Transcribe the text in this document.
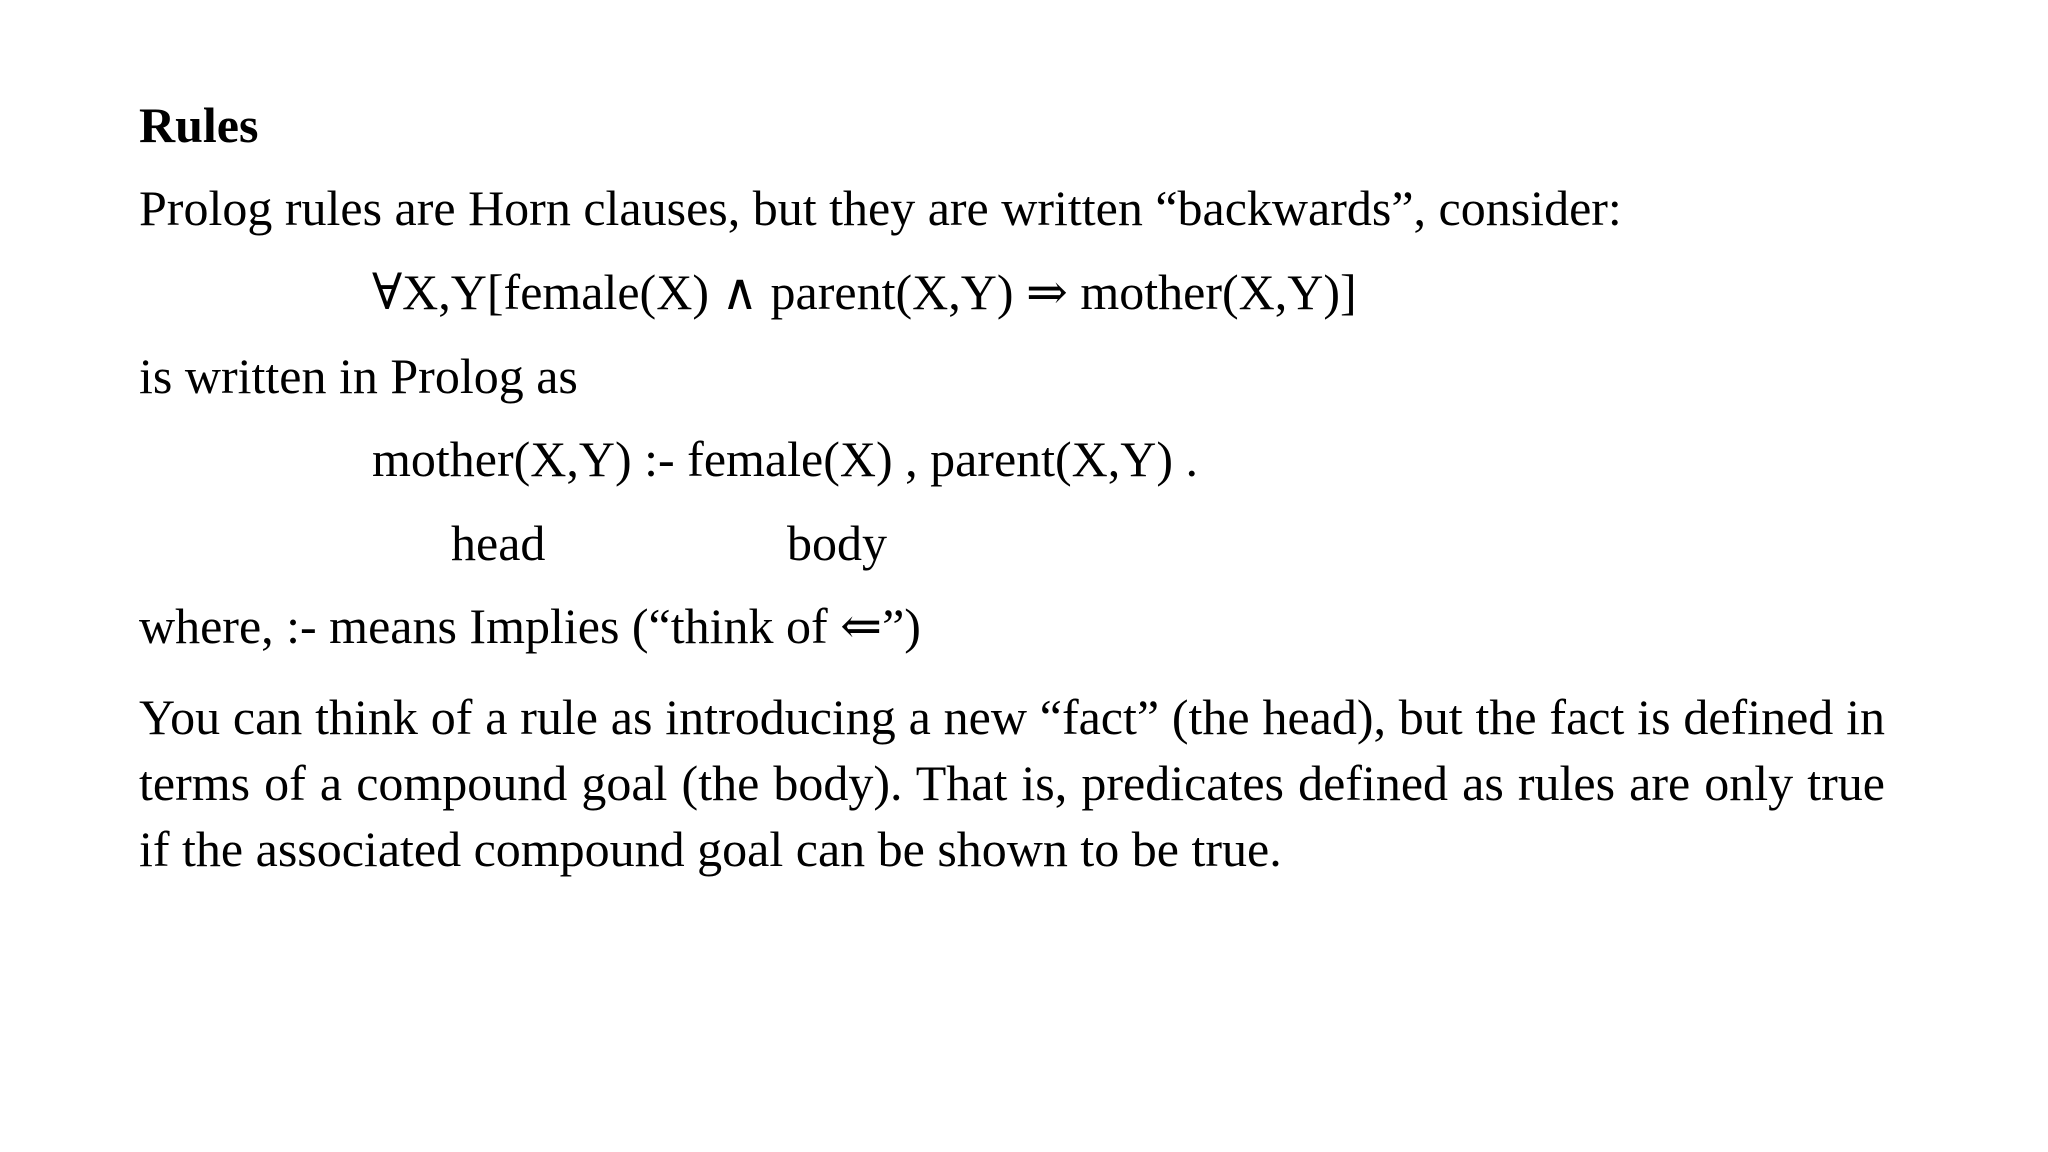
Rules
Prolog rules are Horn clauses, but they are written “backwards”, consider:
∀X,Y[female(X) ∧ parent(X,Y) ⇒ mother(X,Y)]
is written in Prolog as
mother(X,Y) :- female(X) , parent(X,Y) .
head	body
where, :- means Implies (“think of ⇐”)
You can think of a rule as introducing a new “fact” (the head), but the fact is defined in terms of a compound goal (the body). That is, predicates defined as rules are only true if the associated compound goal can be shown to be true.
